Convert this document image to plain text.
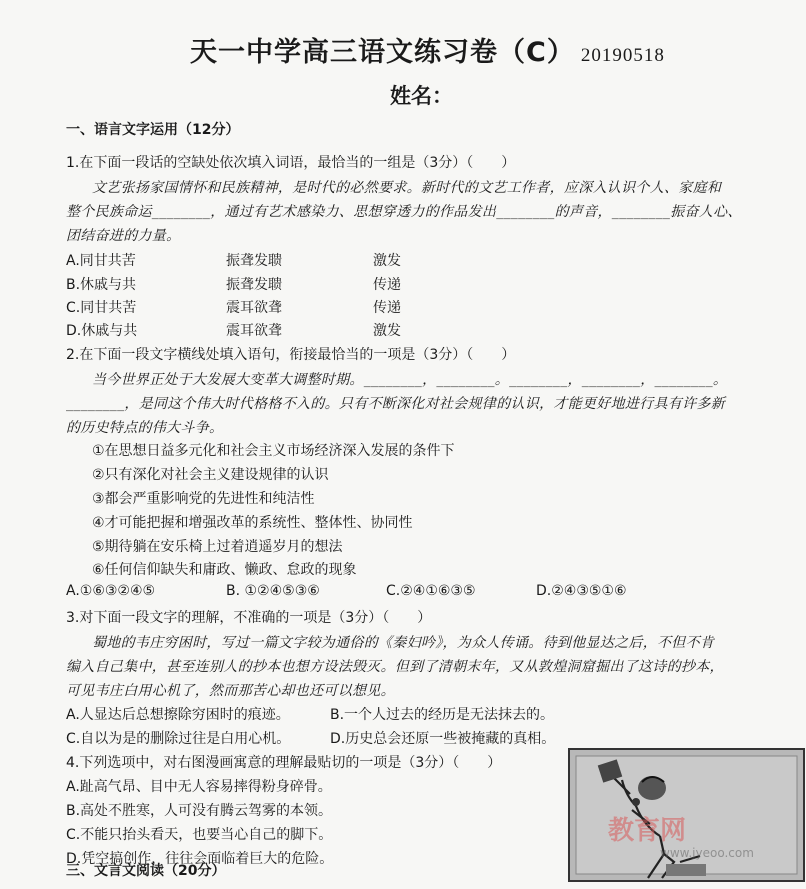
天一中学高三语文练习卷（C） 20190518
姓名：
一、语言文字运用（12分）
1.在下面一段话的空缺处依次填入词语，最恰当的一组是（3分）（　　）
文艺张扬家国情怀和民族精神，是时代的必然要求。新时代的文艺工作者，应深入认识个人、家庭和
整个民族命运________，通过有艺术感染力、思想穿透力的作品发出________的声音，________振奋人心、
团结奋进的力量。
A.同甘共苦	振聋发聩	激发
B.休戚与共	振聋发聩	传递
C.同甘共苦	震耳欲聋	传递
D.休戚与共	震耳欲聋	激发
2.在下面一段文字横线处填入语句，衔接最恰当的一项是（3分）（　　）
当今世界正处于大发展大变革大调整时期。________，________。________，________，________。
________，是同这个伟大时代格格不入的。只有不断深化对社会规律的认识，才能更好地进行具有许多新
的历史特点的伟大斗争。
①在思想日益多元化和社会主义市场经济深入发展的条件下
②只有深化对社会主义建设规律的认识
③都会严重影响党的先进性和纯洁性
④才可能把握和增强改革的系统性、整体性、协同性
⑤期待躺在安乐椅上过着逍遥岁月的想法
⑥任何信仰缺失和庸政、懒政、怠政的现象
A.①⑥③②④⑤	B. ①②④⑤③⑥	C.②④①⑥③⑤	D.②④③⑤①⑥
3.对下面一段文字的理解，不准确的一项是（3分）（　　）
蜀地的韦庄穷困时，写过一篇文字较为通俗的《秦妇吟》，为众人传诵。待到他显达之后，不但不肯
编入自己集中，甚至连别人的抄本也想方设法毁灭。但到了清朝末年，又从敦煌洞窟掘出了这诗的抄本，
可见韦庄白用心机了，然而那苦心却也还可以想见。
A.人显达后总想擦除穷困时的痕迹。	B.一个人过去的经历是无法抹去的。
C.自以为是的删除过往是白用心机。	D.历史总会还原一些被掩藏的真相。
4.下列选项中，对右图漫画寓意的理解最贴切的一项是（3分）（　　）
A.趾高气昂、目中无人容易摔得粉身碎骨。
B.高处不胜寒，人可没有腾云驾雾的本领。
C.不能只抬头看天，也要当心自己的脚下。
D.凭空搞创作，往往会面临着巨大的危险。
教育网
www.jyeoo.com
三、文言文阅读（20分）
